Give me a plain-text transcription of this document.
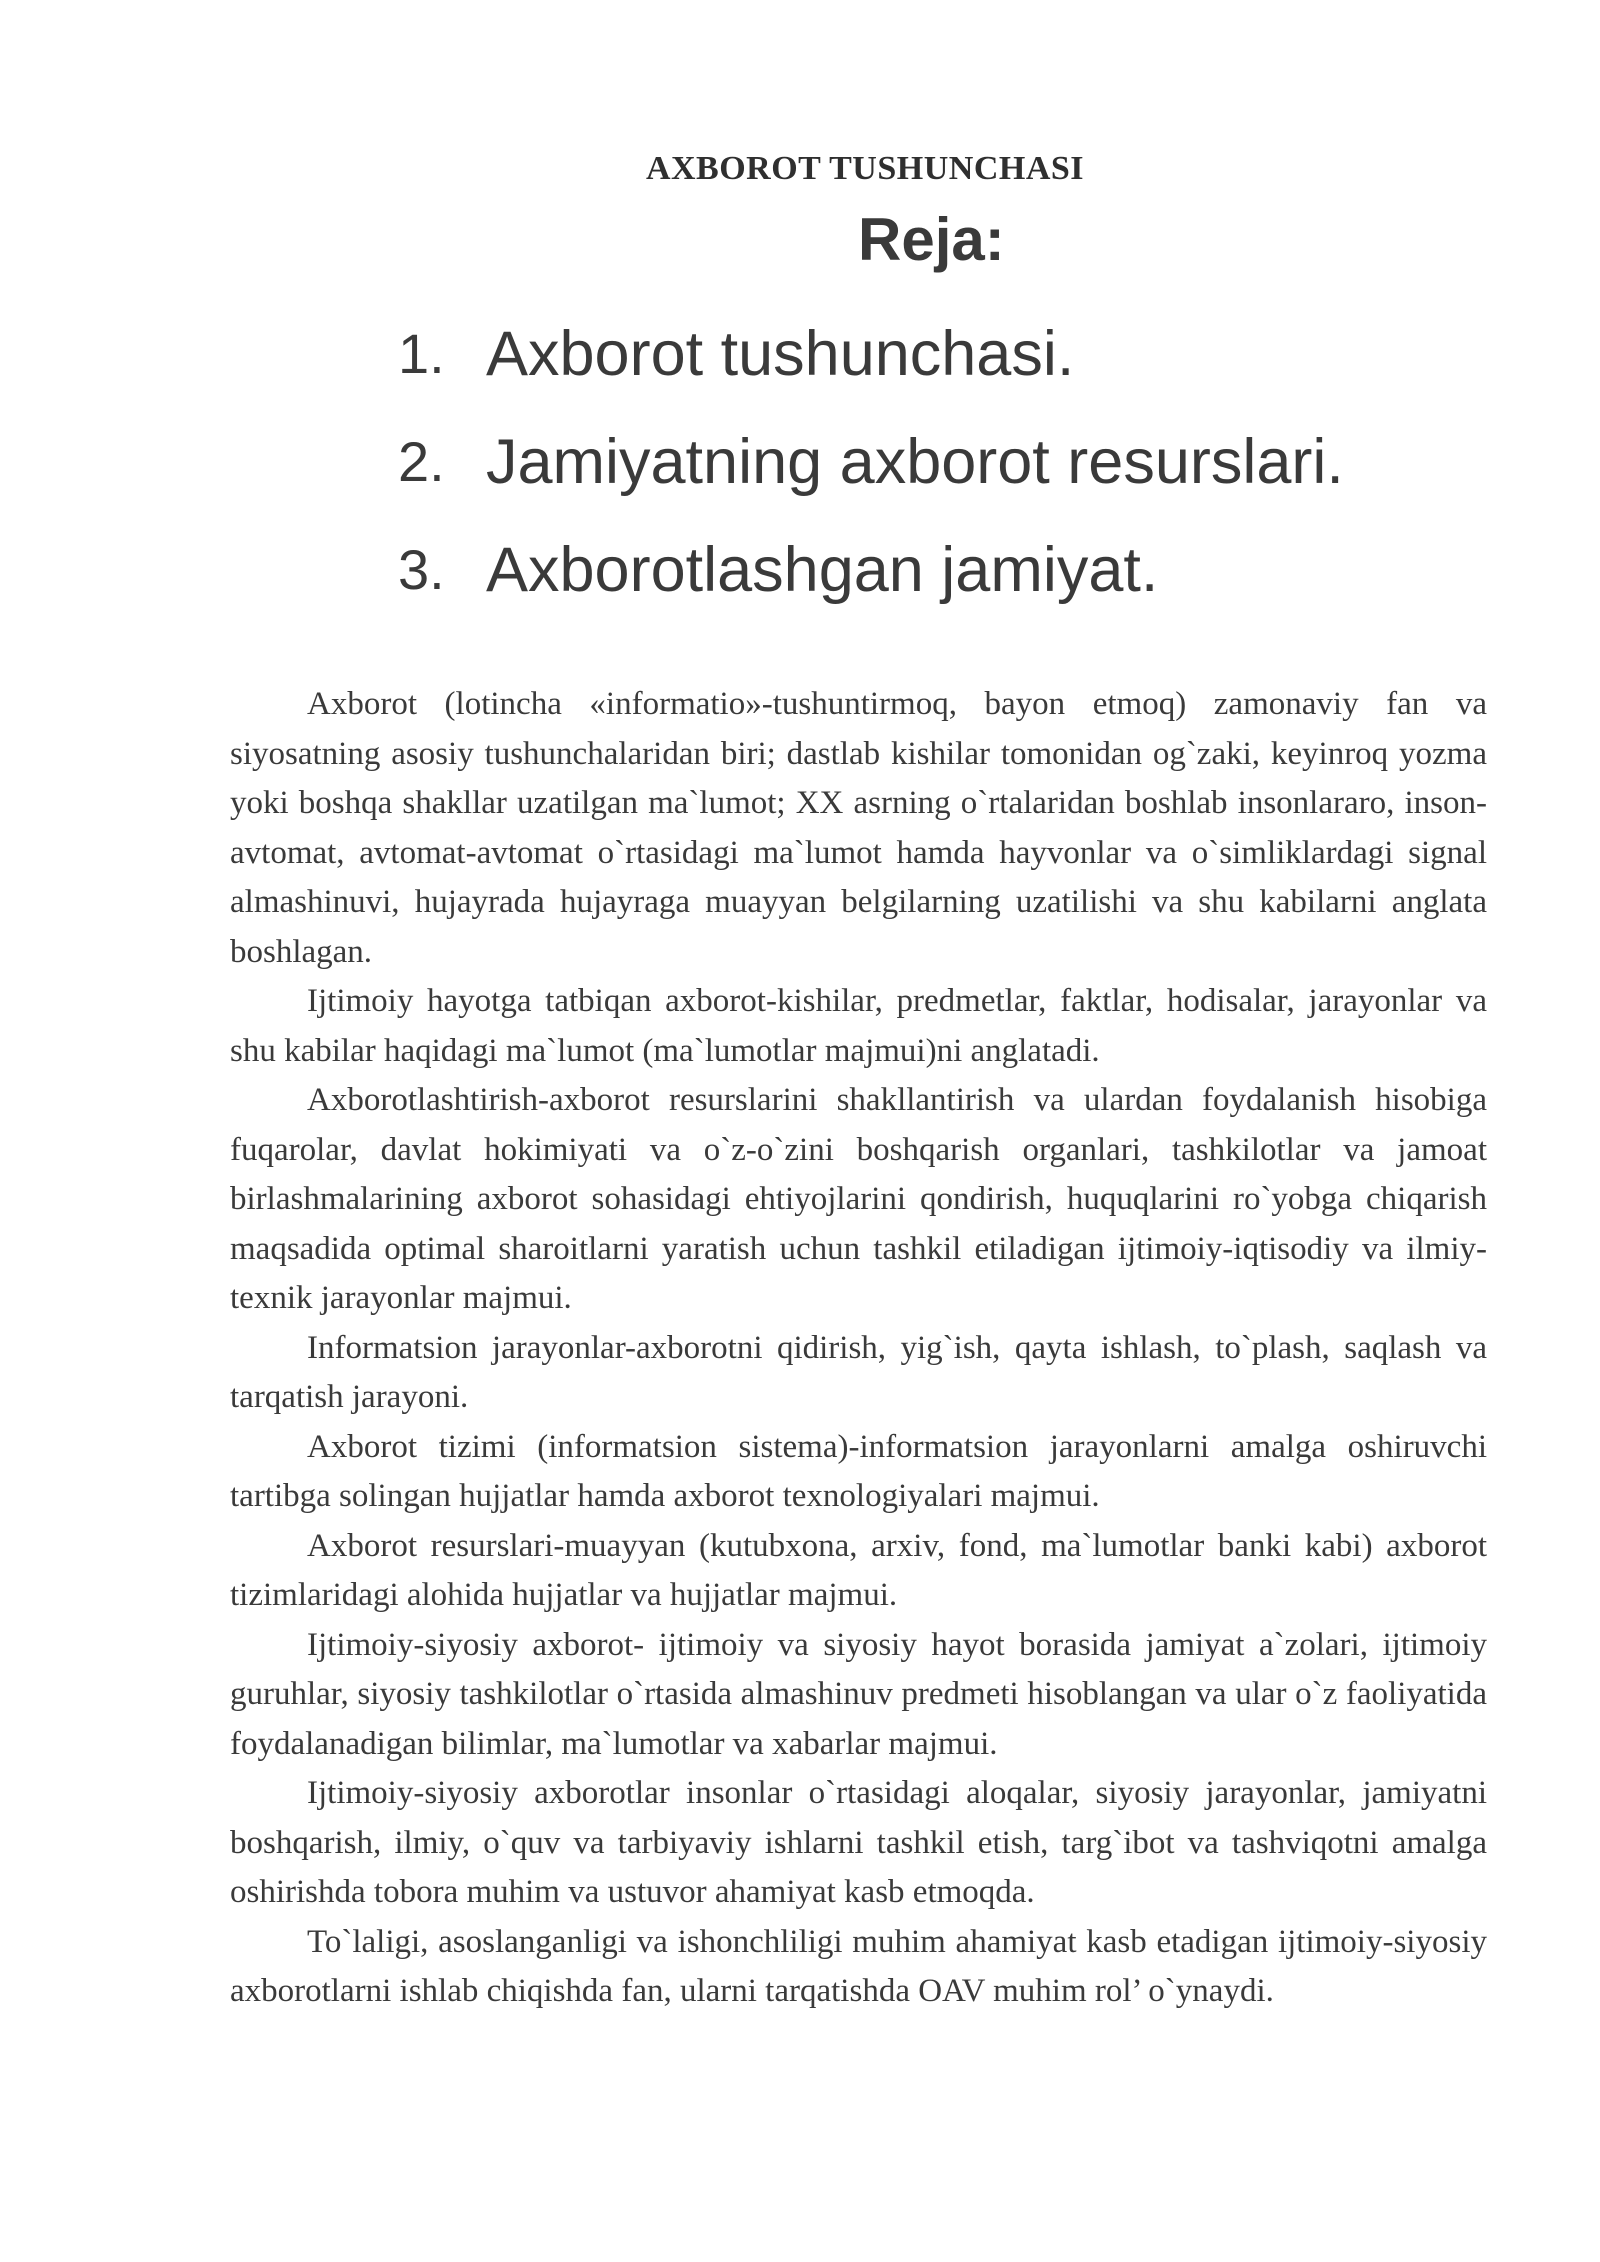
AXBOROT TUSHUNCHASI
Reja:
1. Axborot tushunchasi.
2. Jamiyatning axborot resurslari.
3. Axborotlashgan jamiyat.

Axborot (lotincha «informatio»-tushuntirmoq, bayon etmoq) zamonaviy fan va siyosatning asosiy tushunchalaridan biri; dastlab kishilar tomonidan og`zaki, keyinroq yozma yoki boshqa shakllar uzatilgan ma`lumot; XX asrning o`rtalaridan boshlab insonlararo, inson-avtomat, avtomat-avtomat o`rtasidagi ma`lumot hamda hayvonlar va o`simliklardagi signal almashinuvi, hujayrada hujayraga muayyan belgilarning uzatilishi va shu kabilarni anglata boshlagan.

Ijtimoiy hayotga tatbiqan axborot-kishilar, predmetlar, faktlar, hodisalar, jarayonlar va shu kabilar haqidagi ma`lumot (ma`lumotlar majmui)ni anglatadi.

Axborotlashtirish-axborot resurslarini shakllantirish va ulardan foydalanish hisobiga fuqarolar, davlat hokimiyati va o`z-o`zini boshqarish organlari, tashkilotlar va jamoat birlashmalarining axborot sohasidagi ehtiyojlarini qondirish, huquqlarini ro`yobga chiqarish maqsadida optimal sharoitlarni yaratish uchun tashkil etiladigan ijtimoiy-iqtisodiy va ilmiy-texnik jarayonlar majmui.

Informatsion jarayonlar-axborotni qidirish, yig`ish, qayta ishlash, to`plash, saqlash va tarqatish jarayoni.

Axborot tizimi (informatsion sistema)-informatsion jarayonlarni amalga oshiruvchi tartibga solingan hujjatlar hamda axborot texnologiyalari majmui.

Axborot resurslari-muayyan (kutubxona, arxiv, fond, ma`lumotlar banki kabi) axborot tizimlaridagi alohida hujjatlar va hujjatlar majmui.

Ijtimoiy-siyosiy axborot- ijtimoiy va siyosiy hayot borasida jamiyat a`zolari, ijtimoiy guruhlar, siyosiy tashkilotlar o`rtasida almashinuv predmeti hisoblangan va ular o`z faoliyatida foydalanadigan bilimlar, ma`lumotlar va xabarlar majmui.

Ijtimoiy-siyosiy axborotlar insonlar o`rtasidagi aloqalar, siyosiy jarayonlar, jamiyatni boshqarish, ilmiy, o`quv va tarbiyaviy ishlarni tashkil etish, targ`ibot va tashviqotni amalga oshirishda tobora muhim va ustuvor ahamiyat kasb etmoqda.

To`laligi, asoslanganligi va ishonchliligi muhim ahamiyat kasb etadigan ijtimoiy-siyosiy axborotlarni ishlab chiqishda fan, ularni tarqatishda OAV muhim rol’ o`ynaydi.
